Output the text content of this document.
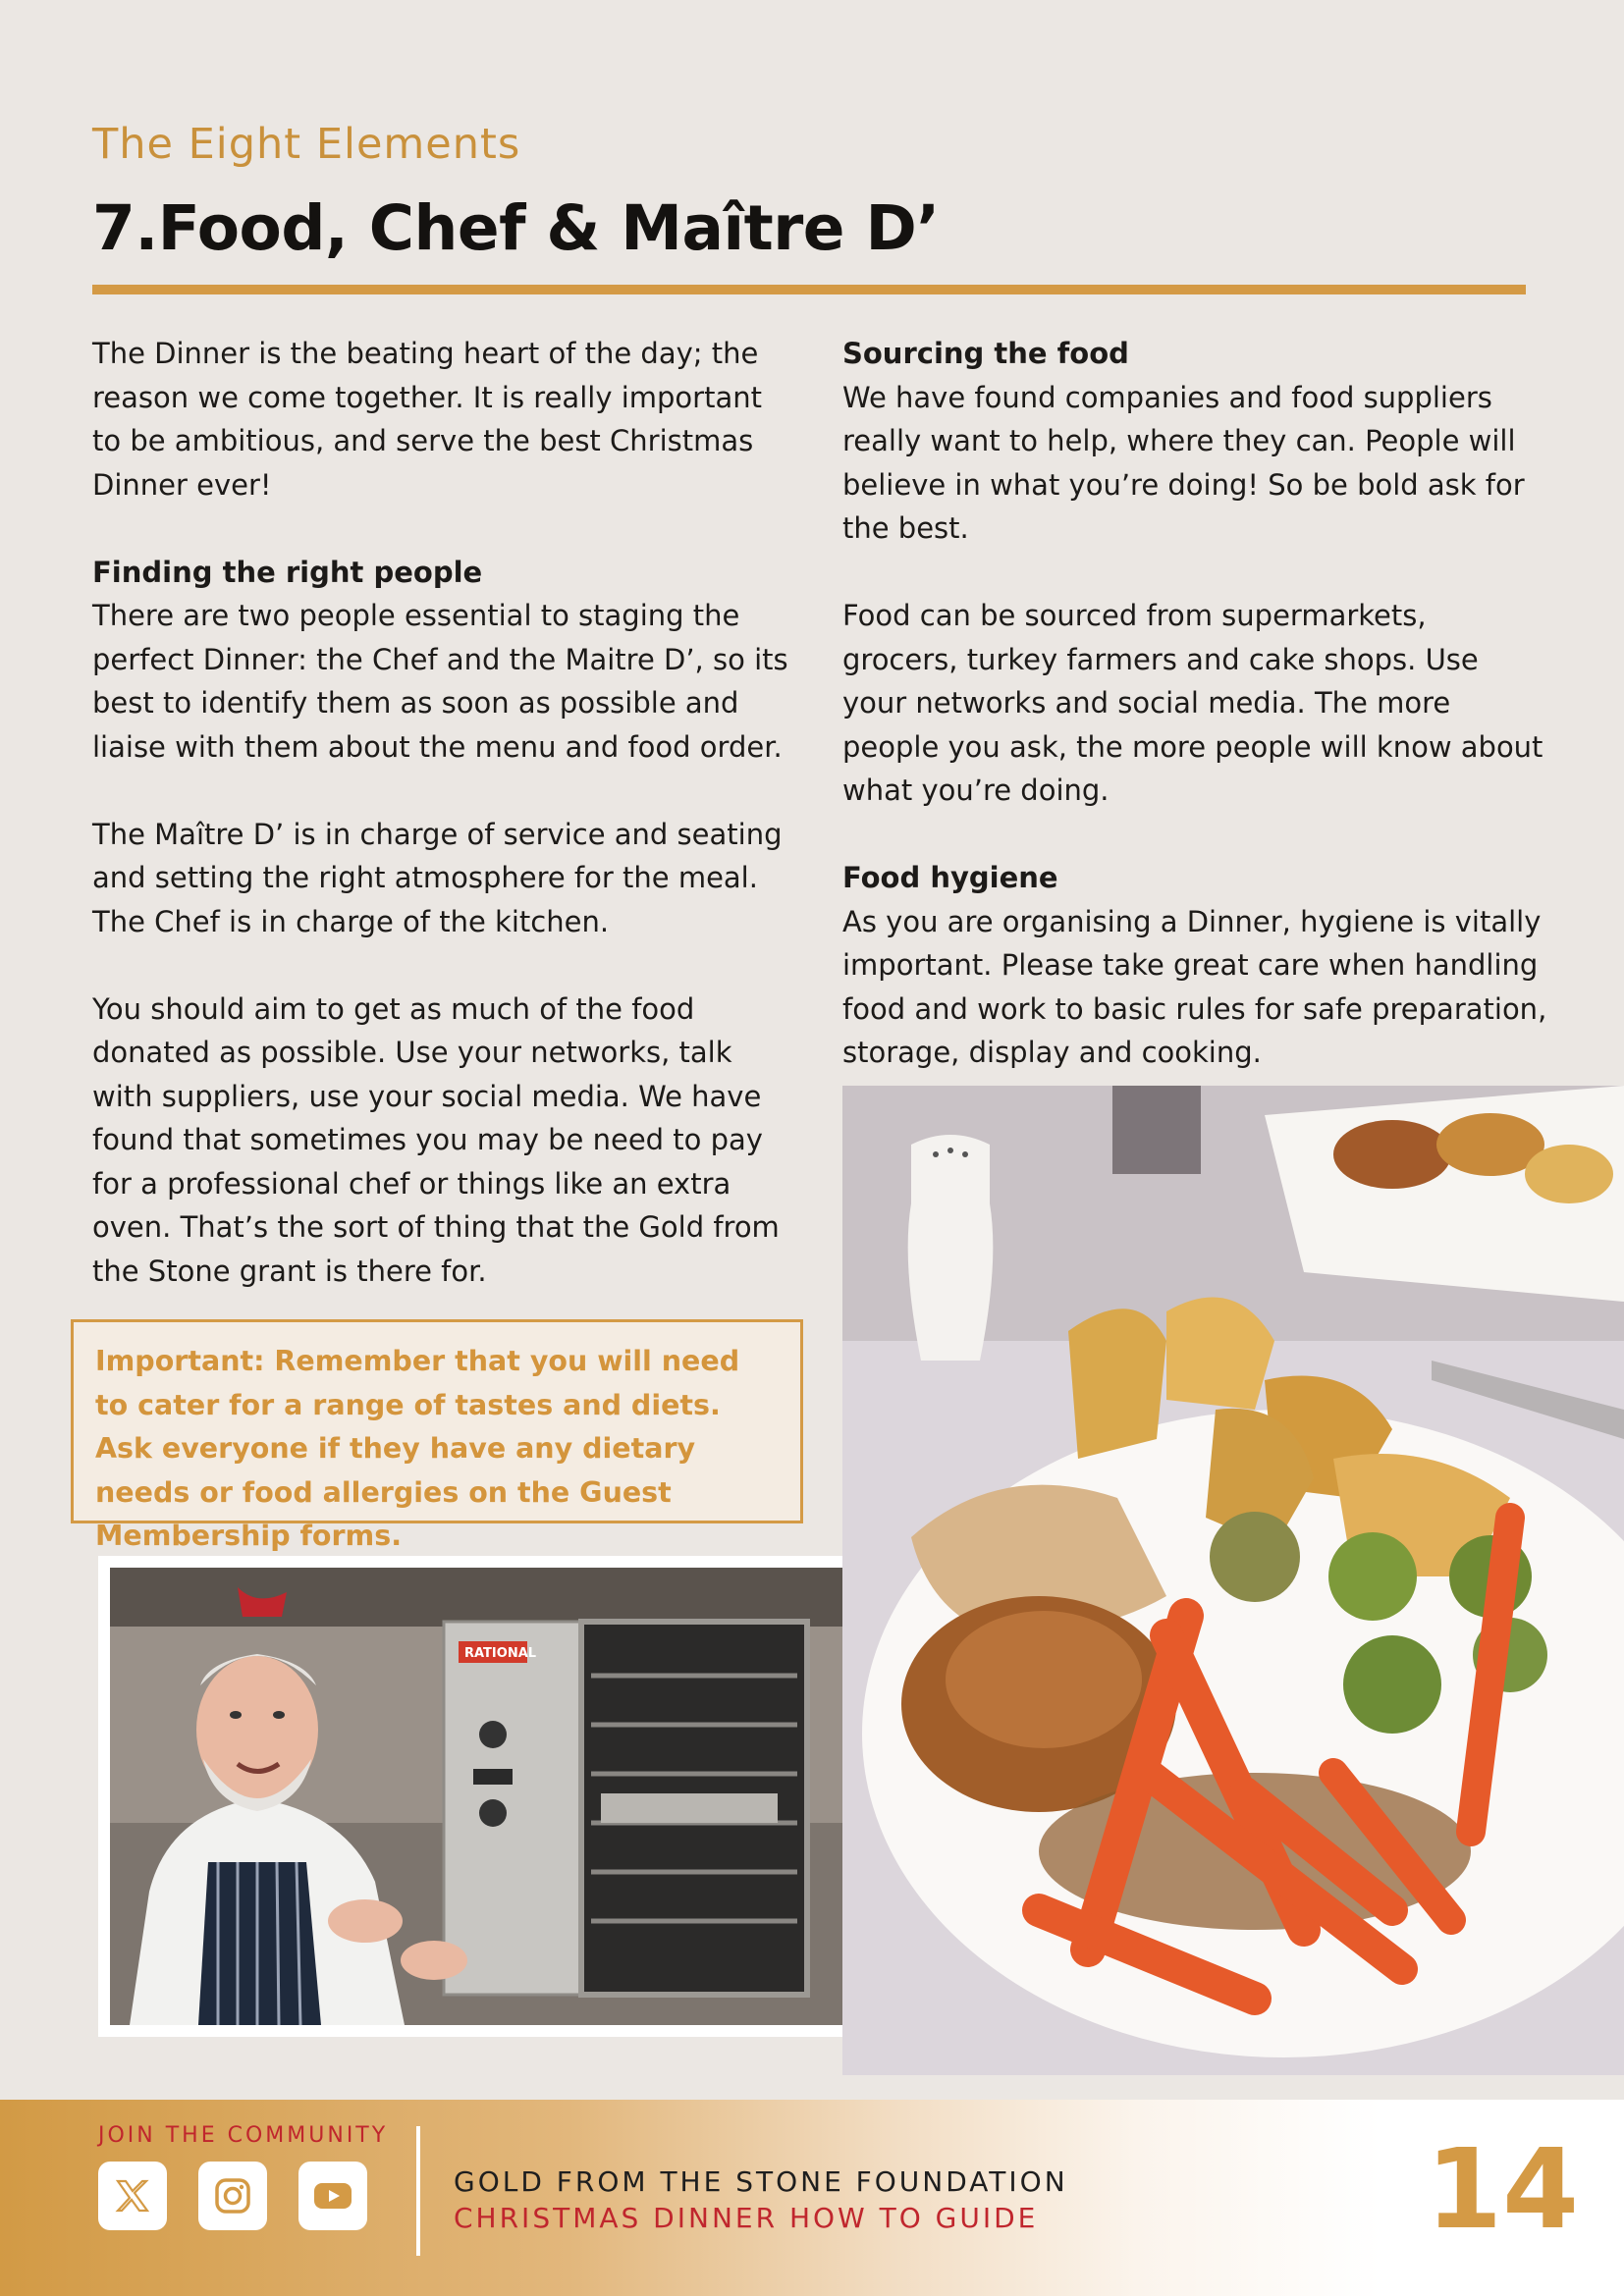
The Eight Elements
7.Food, Chef & Maître D’

The Dinner is the beating heart of the day; the reason we come together. It is really important to be ambitious, and serve the best Christmas Dinner ever!

Finding the right people

There are two people essential to staging the perfect Dinner: the Chef and the Maitre D’, so its best to identify them as soon as possible and liaise with them about the menu and food order.

The Maître D’ is in charge of service and seating and setting the right atmosphere for the meal. The Chef is in charge of the kitchen.

You should aim to get as much of the food donated as possible. Use your networks, talk with suppliers, use your social media. We have found that sometimes you may be need to pay for a professional chef or things like an extra oven. That’s the sort of thing that the Gold from the Stone grant is there for.

Sourcing the food

We have found companies and food suppliers really want to help, where they can. People will believe in what you’re doing! So be bold ask for the best.

Food can be sourced from supermarkets, grocers, turkey farmers and cake shops. Use your networks and social media. The more people you ask, the more people will know about what you’re doing.

Food hygiene

As you are organising a Dinner, hygiene is vitally important. Please take great care when handling food and work to basic rules for safe preparation, storage, display and cooking.

Important: Remember that you will need to cater for a range of tastes and diets. Ask everyone if they have any dietary needs or food allergies on the Guest Membership forms.
RATIONAL
JOIN THE COMMUNITY
GOLD FROM THE STONE FOUNDATION
CHRISTMAS DINNER HOW TO GUIDE	14
